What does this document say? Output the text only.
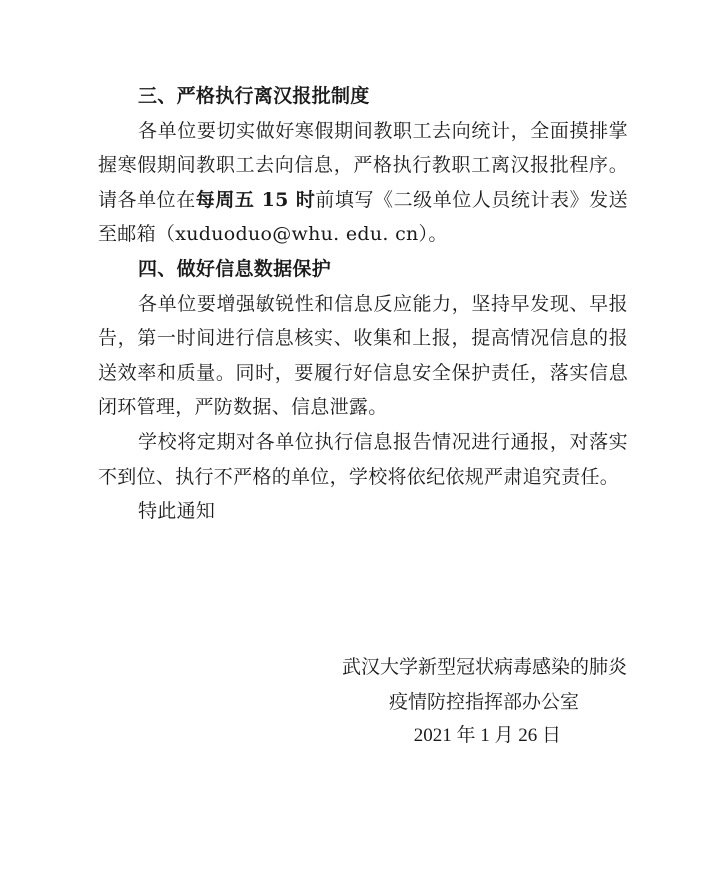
三、严格执行离汉报批制度

各单位要切实做好寒假期间教职工去向统计，全面摸排掌握寒假期间教职工去向信息，严格执行教职工离汉报批程序。请各单位在每周五 15 时前填写《二级单位人员统计表》发送至邮箱（xuduoduo@whu. edu. cn）。

四、做好信息数据保护

各单位要增强敏锐性和信息反应能力，坚持早发现、早报告，第一时间进行信息核实、收集和上报，提高情况信息的报送效率和质量。同时，要履行好信息安全保护责任，落实信息闭环管理，严防数据、信息泄露。

学校将定期对各单位执行信息报告情况进行通报，对落实不到位、执行不严格的单位，学校将依纪依规严肃追究责任。

特此通知

武汉大学新型冠状病毒感染的肺炎
疫情防控指挥部办公室
2021 年 1 月 26 日
